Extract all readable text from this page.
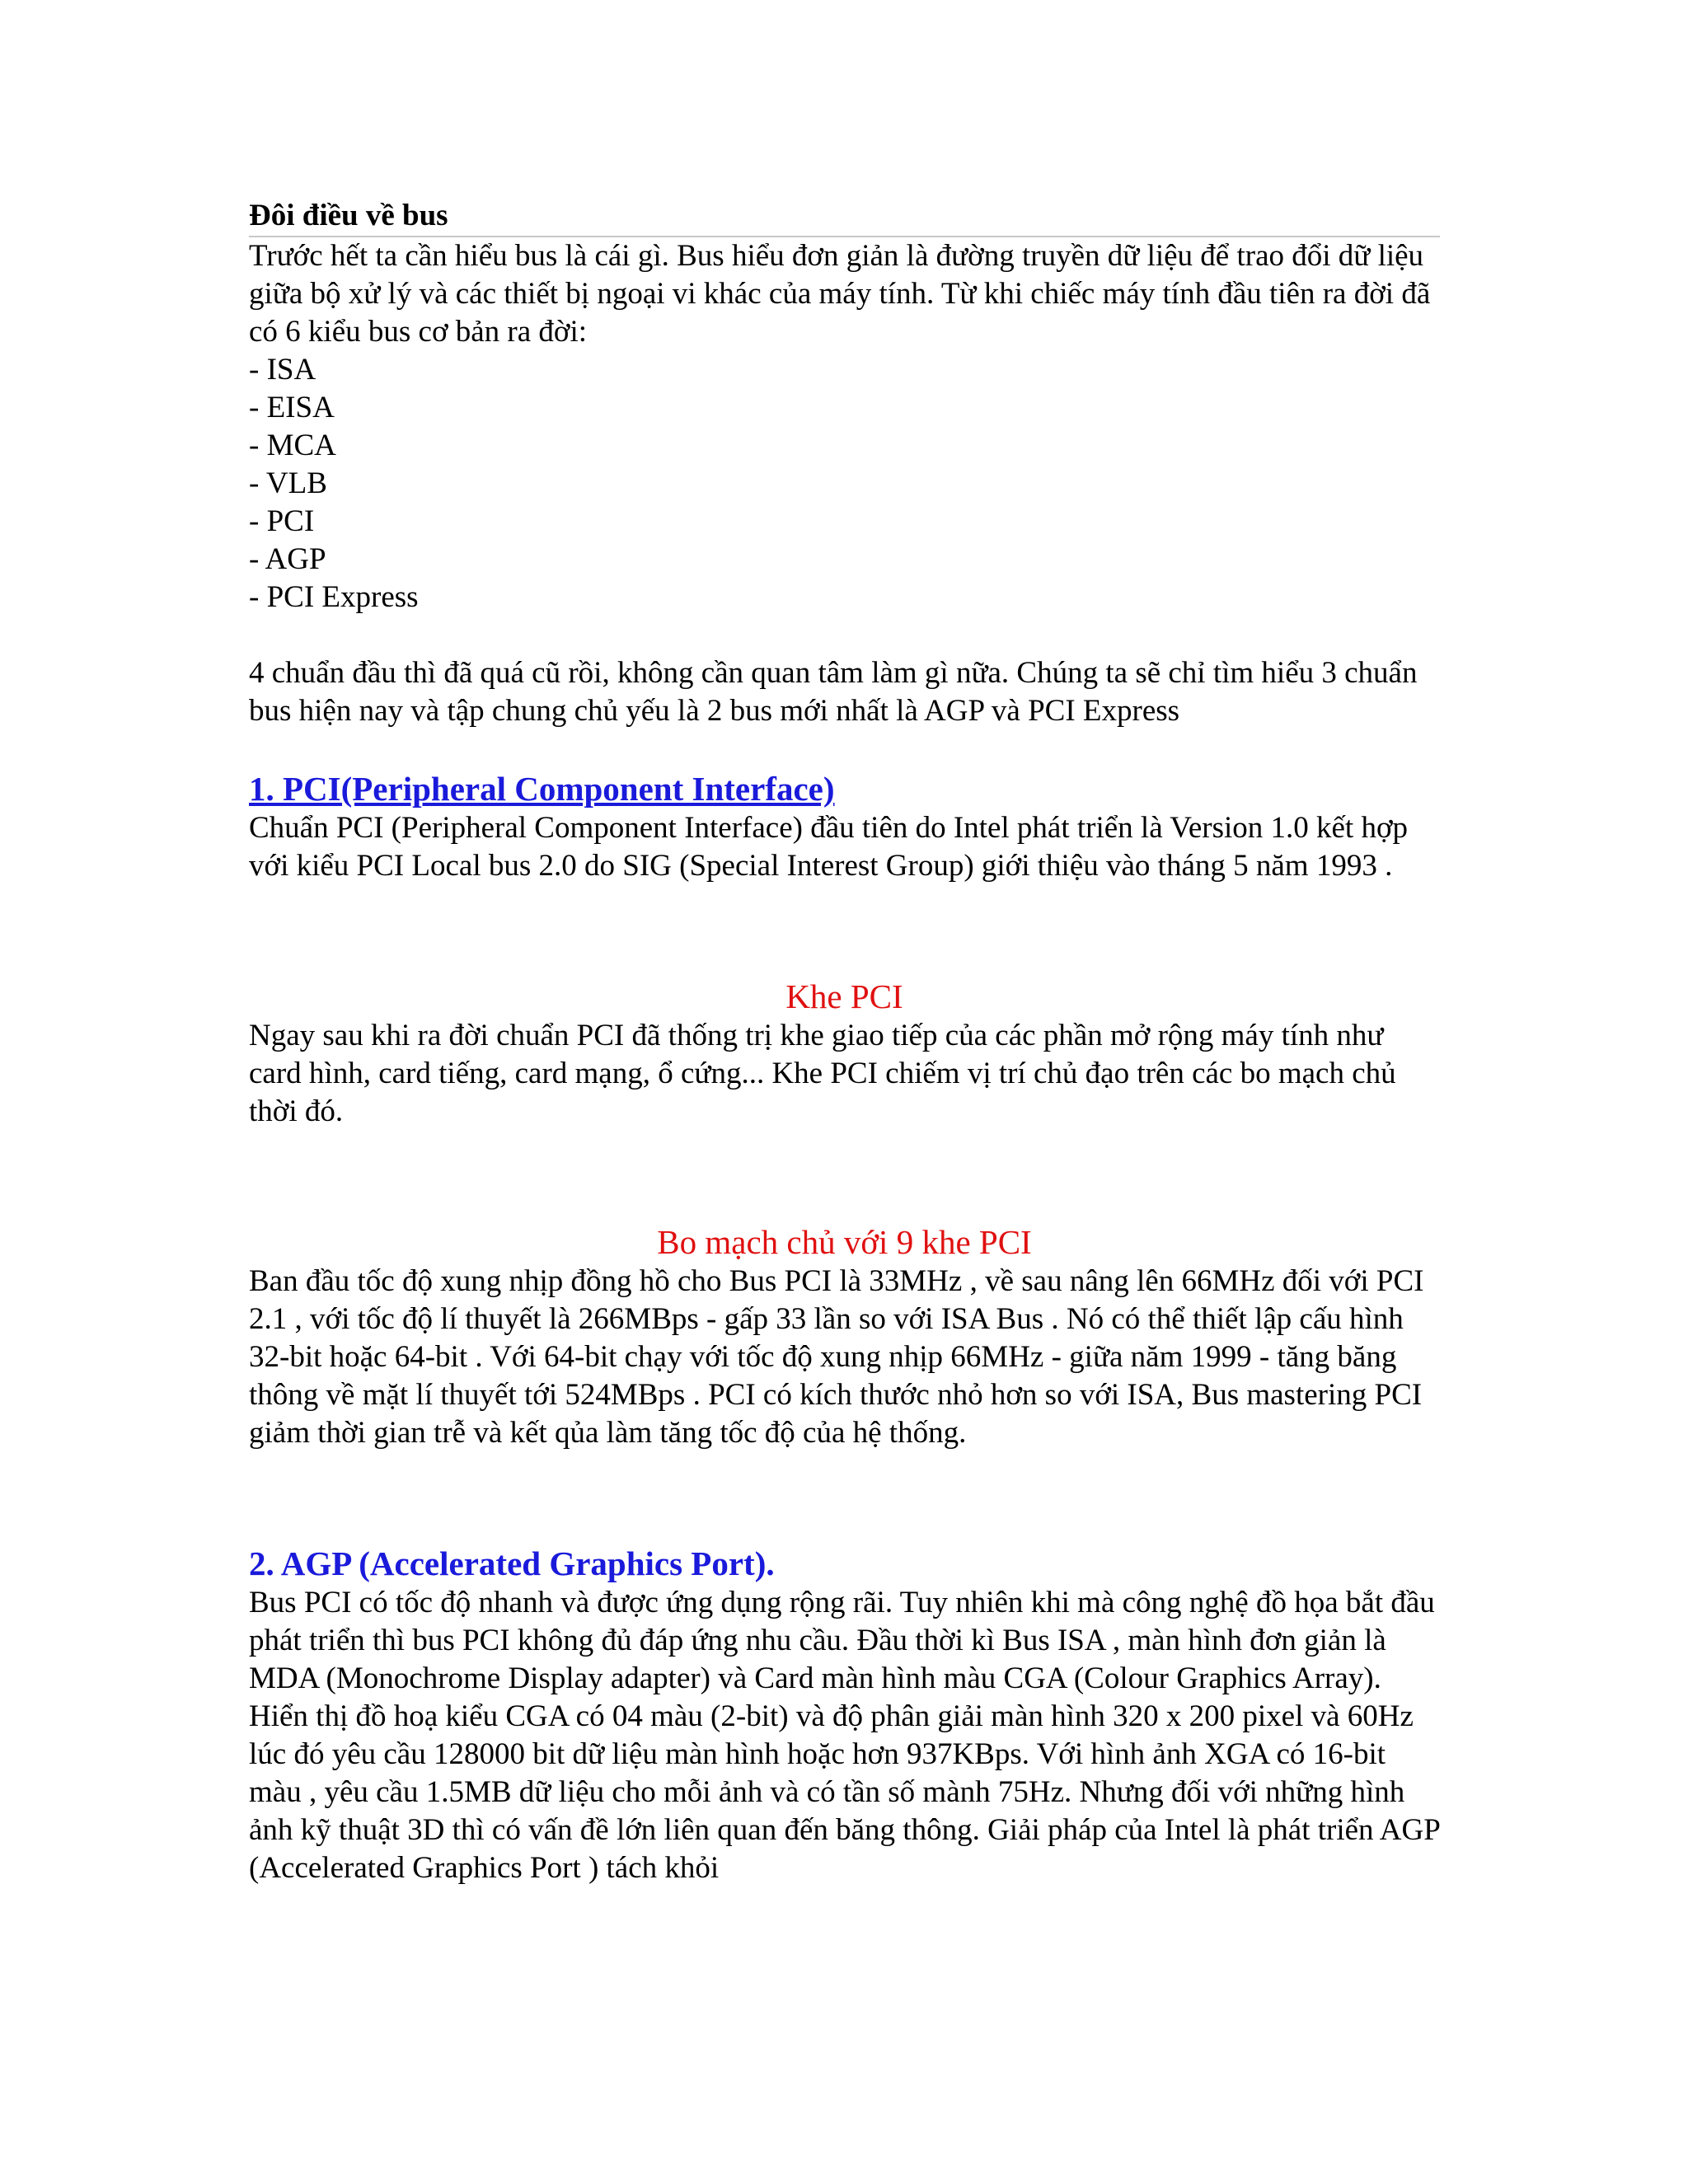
Đôi điều về bus

Trước hết ta cần hiểu bus là cái gì. Bus hiểu đơn giản là đường truyền dữ liệu để trao đổi dữ liệu giữa bộ xử lý và các thiết bị ngoại vi khác của máy tính. Từ khi chiếc máy tính đầu tiên ra đời đã có 6 kiểu bus cơ bản ra đời:

- ISA
- EISA
- MCA
- VLB
- PCI
- AGP
- PCI Express

4 chuẩn đầu thì đã quá cũ rồi, không cần quan tâm làm gì nữa. Chúng ta sẽ chỉ tìm hiểu 3 chuẩn bus hiện nay và tập chung chủ yếu là 2 bus mới nhất là AGP và PCI Express

1. PCI(Peripheral Component Interface)

Chuẩn PCI (Peripheral Component Interface) đầu tiên do Intel phát triển là Version 1.0 kết hợp với kiểu PCI Local bus 2.0 do SIG (Special Interest Group) giới thiệu vào tháng 5 năm 1993 .

Khe PCI

Ngay sau khi ra đời chuẩn PCI đã thống trị khe giao tiếp của các phần mở rộng máy tính như card hình, card tiếng, card mạng, ổ cứng... Khe PCI chiếm vị trí chủ đạo trên các bo mạch chủ thời đó.

Bo mạch chủ với 9 khe PCI

Ban đầu tốc độ xung nhịp đồng hồ cho Bus PCI là 33MHz , về sau nâng lên 66MHz đối với PCI 2.1 , với tốc độ lí thuyết là 266MBps - gấp 33 lần so với ISA Bus . Nó có thể thiết lập cấu hình 32-bit hoặc 64-bit . Với 64-bit chạy với tốc độ xung nhịp 66MHz - giữa năm 1999 - tăng băng thông về mặt lí thuyết tới 524MBps . PCI có kích thước nhỏ hơn so với ISA, Bus mastering PCI giảm thời gian trễ và kết qủa làm tăng tốc độ của hệ thống.

2. AGP (Accelerated Graphics Port).

Bus PCI có tốc độ nhanh và được ứng dụng rộng rãi. Tuy nhiên khi mà công nghệ đồ họa bắt đầu phát triển thì bus PCI không đủ đáp ứng nhu cầu. Đầu thời kì Bus ISA , màn hình đơn giản là MDA (Monochrome Display adapter) và Card màn hình màu CGA (Colour Graphics Array). Hiển thị đồ hoạ kiểu CGA có 04 màu (2-bit) và độ phân giải màn hình 320 x 200 pixel và 60Hz lúc đó yêu cầu 128000 bit dữ liệu màn hình hoặc hơn 937KBps. Với hình ảnh XGA có 16-bit màu , yêu cầu 1.5MB dữ liệu cho mỗi ảnh và có tần số mành 75Hz. Nhưng đối với những hình ảnh kỹ thuật 3D thì có vấn đề lớn liên quan đến băng thông. Giải pháp của Intel là phát triển AGP (Accelerated Graphics Port ) tách khỏi
